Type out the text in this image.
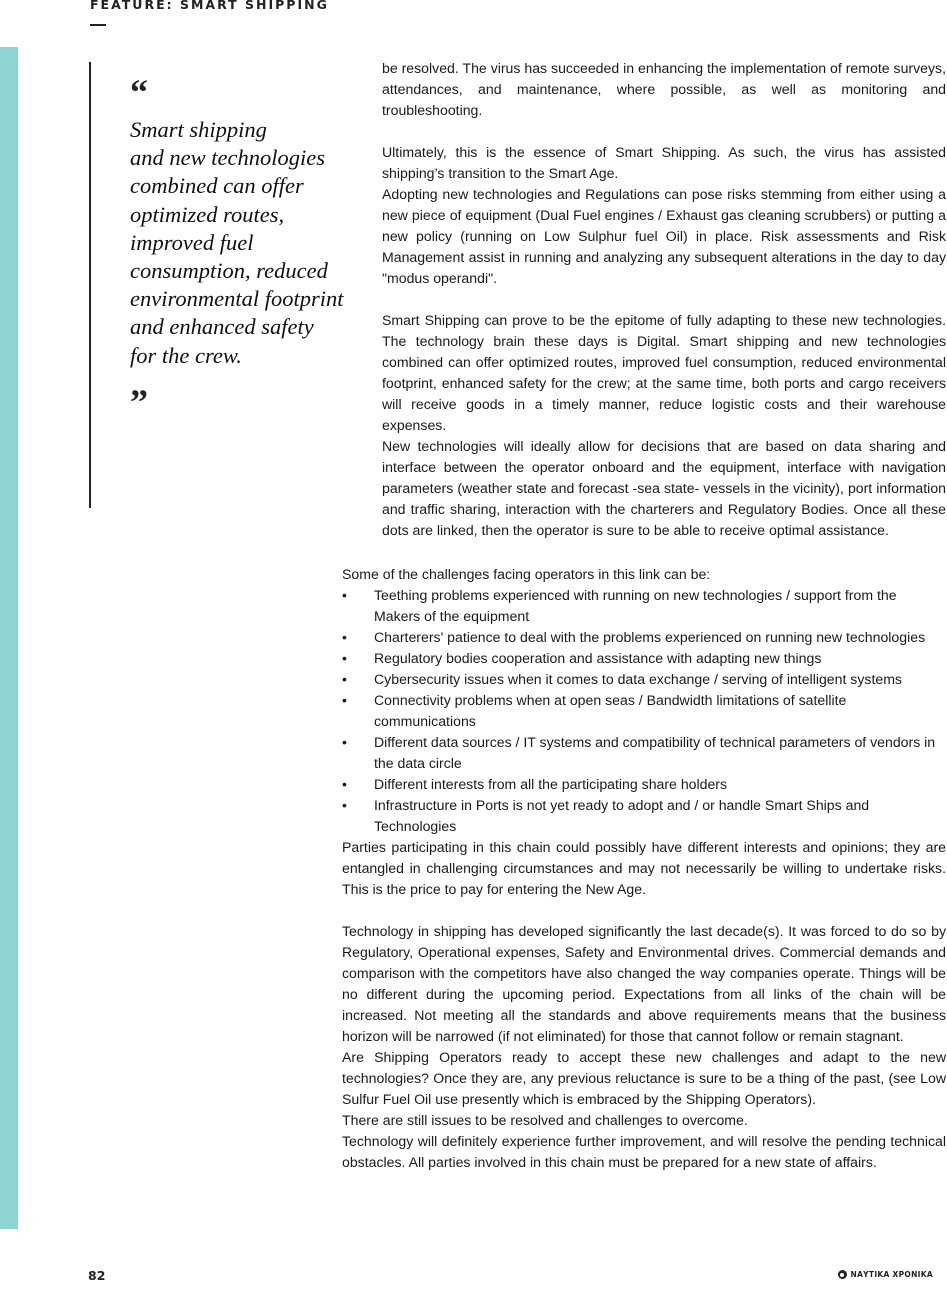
FEATURE: SMART SHIPPING
“
Smart shipping
and new technologies
combined can offer
optimized routes,
improved fuel
consumption, reduced
environmental footprint
and enhanced safety
for the crew.
”

be resolved. The virus has succeeded in enhancing the implementation of remote surveys, attendances, and maintenance, where possible, as well as monitoring and troubleshooting.

Ultimately, this is the essence of Smart Shipping. As such, the virus has assisted shipping’s transition to the Smart Age.

Adopting new technologies and Regulations can pose risks stemming from either using a new piece of equipment (Dual Fuel engines / Exhaust gas cleaning scrubbers) or putting a new policy (running on Low Sulphur fuel Oil) in place. Risk assessments and Risk Management assist in running and analyzing any subsequent alterations in the day to day "modus operandi".

Smart Shipping can prove to be the epitome of fully adapting to these new technologies. The technology brain these days is Digital. Smart shipping and new technologies combined can offer optimized routes, improved fuel consumption, reduced environmental footprint, enhanced safety for the crew; at the same time, both ports and cargo receivers will receive goods in a timely manner, reduce logistic costs and their warehouse expenses.

New technologies will ideally allow for decisions that are based on data sharing and interface between the operator onboard and the equipment, interface with navigation parameters (weather state and forecast -sea state- vessels in the vicinity), port information and traffic sharing, interaction with the charterers and Regulatory Bodies. Once all these dots are linked, then the operator is sure to be able to receive optimal assistance.

Some of the challenges facing operators in this link can be:

• Teething problems experienced with running on new technologies / support from the Makers of the equipment
• Charterers' patience to deal with the problems experienced on running new technologies
• Regulatory bodies cooperation and assistance with adapting new things
• Cybersecurity issues when it comes to data exchange / serving of intelligent systems
• Connectivity problems when at open seas / Bandwidth limitations of satellite communications
• Different data sources / IT systems and compatibility of technical parameters of vendors in the data circle
• Different interests from all the participating share holders
• Infrastructure in Ports is not yet ready to adopt and / or handle Smart Ships and Technologies

Parties participating in this chain could possibly have different interests and opinions; they are entangled in challenging circumstances and may not necessarily be willing to undertake risks. This is the price to pay for entering the New Age.

Technology in shipping has developed significantly the last decade(s). It was forced to do so by Regulatory, Operational expenses, Safety and Environmental drives. Commercial demands and comparison with the competitors have also changed the way companies operate. Things will be no different during the upcoming period. Expectations from all links of the chain will be increased. Not meeting all the standards and above requirements means that the business horizon will be narrowed (if not eliminated) for those that cannot follow or remain stagnant.

Are Shipping Operators ready to accept these new challenges and adapt to the new technologies? Once they are, any previous reluctance is sure to be a thing of the past, (see Low Sulfur Fuel Oil use presently which is embraced by the Shipping Operators).

There are still issues to be resolved and challenges to overcome.

Technology will definitely experience further improvement, and will resolve the pending technical obstacles. All parties involved in this chain must be prepared for a new state of affairs.

82	ΝΑΥΤΙΚΑ ΧΡΟΝΙΚΑ
